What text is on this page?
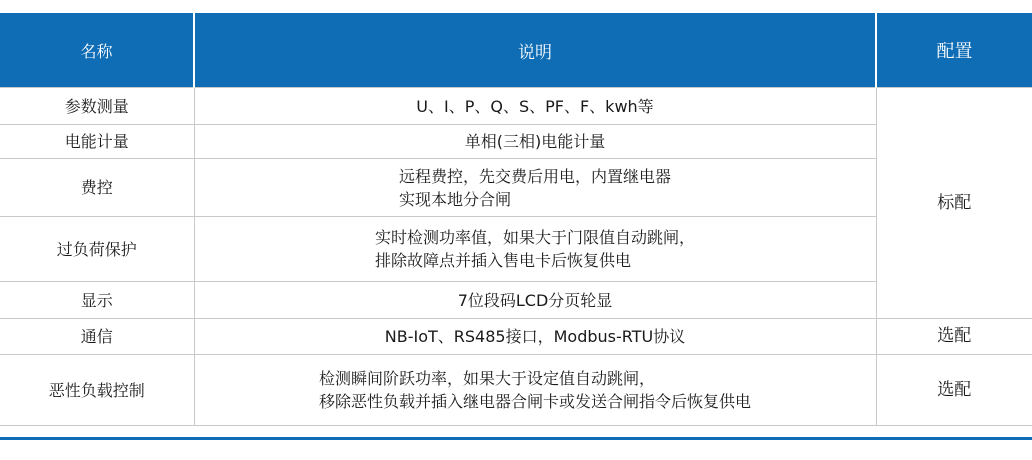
名称	说明	配置
参数测量	U、I、P、Q、S、PF、F、kwh等	标配
电能计量	单相(三相)电能计量	
费控	远程费控，先交费后用电，内置继电器
实现本地分合闸	
过负荷保护	实时检测功率值，如果大于门限值自动跳闸，
排除故障点并插入售电卡后恢复供电	
显示	7位段码LCD分页轮显	
通信	NB-IoT、RS485接口，Modbus-RTU协议	选配
恶性负载控制	检测瞬间阶跃功率，如果大于设定值自动跳闸，
移除恶性负载并插入继电器合闸卡或发送合闸指令后恢复供电	选配
